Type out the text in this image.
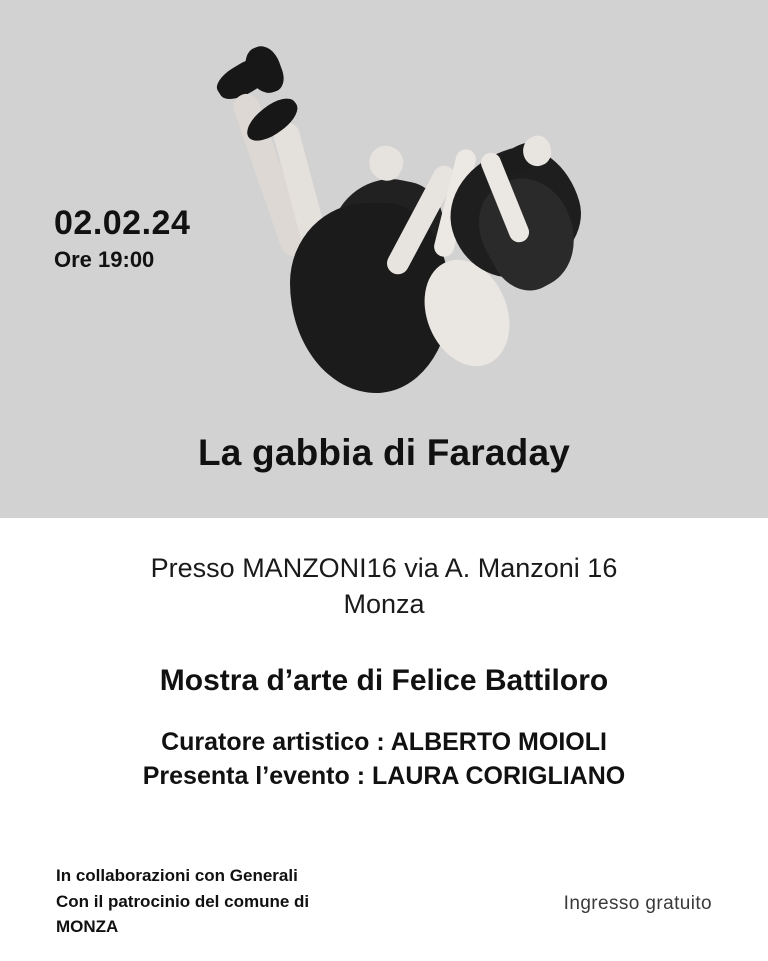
02.02.24
Ore 19:00
La gabbia di Faraday
Presso MANZONI16 via A. Manzoni 16
Monza
Mostra d’arte di Felice Battiloro
Curatore artistico : ALBERTO MOIOLI
Presenta l’evento : LAURA CORIGLIANO
In collaborazioni con Generali
Con il patrocinio del comune di
MONZA
Ingresso gratuito
